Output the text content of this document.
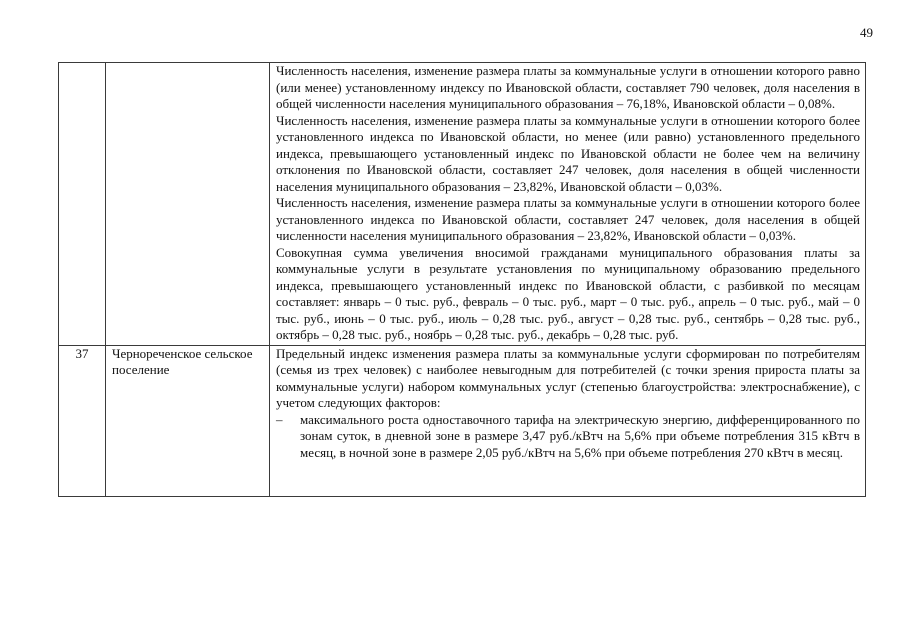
49

		Численность населения, изменение размера платы за коммунальные услуги в отношении которого равно (или менее) установленному индексу по Ивановской области, составляет 790 человек, доля населения в общей численности населения муниципального образования – 76,18%, Ивановской области – 0,08%.

Численность населения, изменение размера платы за коммунальные услуги в отношении которого более установленного индекса по Ивановской области, но менее (или равно) установленного предельного индекса, превышающего установленный индекс по Ивановской области не более чем на величину отклонения по Ивановской области, составляет 247 человек, доля населения в общей численности населения муниципального образования – 23,82%, Ивановской области – 0,03%.

Численность населения, изменение размера платы за коммунальные услуги в отношении которого более установленного индекса по Ивановской области, составляет 247 человек, доля населения в общей численности населения муниципального образования – 23,82%, Ивановской области – 0,03%.

Совокупная сумма увеличения вносимой гражданами муниципального образования платы за коммунальные услуги в результате установления по муниципальному образованию предельного индекса, превышающего установленный индекс по Ивановской области, с разбивкой по месяцам составляет: январь – 0 тыс. руб., февраль – 0 тыс. руб., март – 0 тыс. руб., апрель – 0 тыс. руб., май – 0 тыс. руб., июнь – 0 тыс. руб., июль – 0,28 тыс. руб., август – 0,28 тыс. руб., сентябрь – 0,28 тыс. руб., октябрь – 0,28 тыс. руб., ноябрь – 0,28 тыс. руб., декабрь – 0,28 тыс. руб.

37	Чернореченское сельское поселение	Предельный индекс изменения размера платы за коммунальные услуги сформирован по потребителям (семья из трех человек) с наиболее невыгодным для потребителей (с точки зрения прироста платы за коммунальные услуги) набором коммунальных услуг (степенью благоустройства: электроснабжение), с учетом следующих факторов:

– максимального роста одноставочного тарифа на электрическую энергию, дифференцированного по зонам суток, в дневной зоне в размере 3,47 руб./кВтч на 5,6% при объеме потребления 315 кВтч в месяц, в ночной зоне в размере 2,05 руб./кВтч на 5,6% при объеме потребления 270 кВтч в месяц.
